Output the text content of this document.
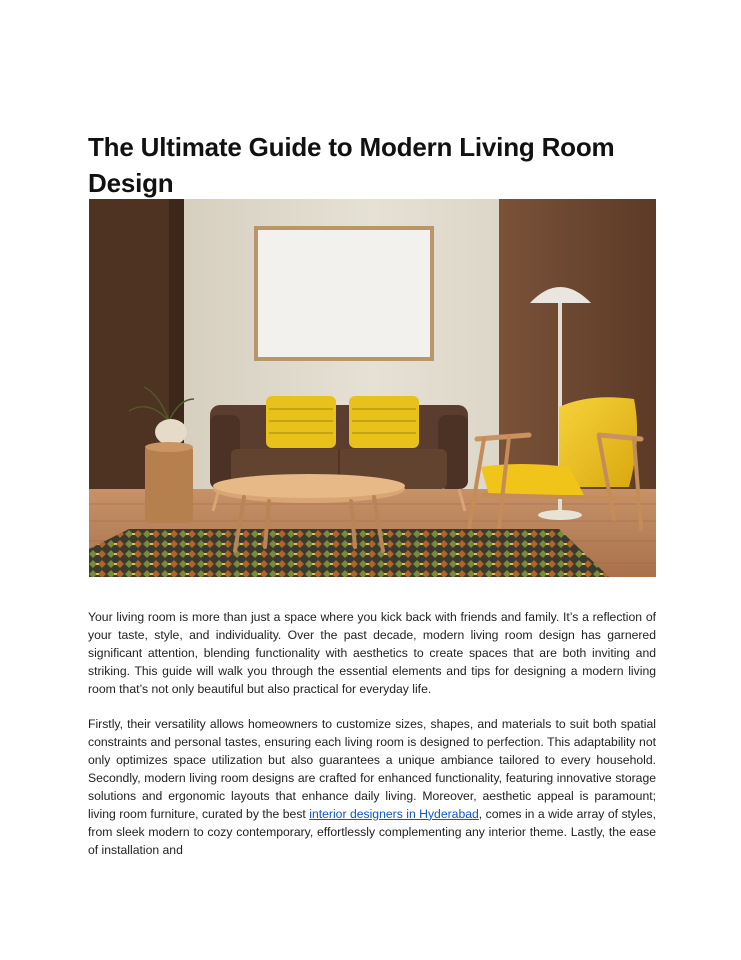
The Ultimate Guide to Modern Living Room Design

Your living room is more than just a space where you kick back with friends and family. It’s a reflection of your taste, style, and individuality. Over the past decade, modern living room design has garnered significant attention, blending functionality with aesthetics to create spaces that are both inviting and striking. This guide will walk you through the essential elements and tips for designing a modern living room that’s not only beautiful but also practical for everyday life.

Firstly, their versatility allows homeowners to customize sizes, shapes, and materials to suit both spatial constraints and personal tastes, ensuring each living room is designed to perfection. This adaptability not only optimizes space utilization but also guarantees a unique ambiance tailored to every household. Secondly, modern living room designs are crafted for enhanced functionality, featuring innovative storage solutions and ergonomic layouts that enhance daily living. Moreover, aesthetic appeal is paramount; living room furniture, curated by the best interior designers in Hyderabad, comes in a wide array of styles, from sleek modern to cozy contemporary, effortlessly complementing any interior theme. Lastly, the ease of installation and
